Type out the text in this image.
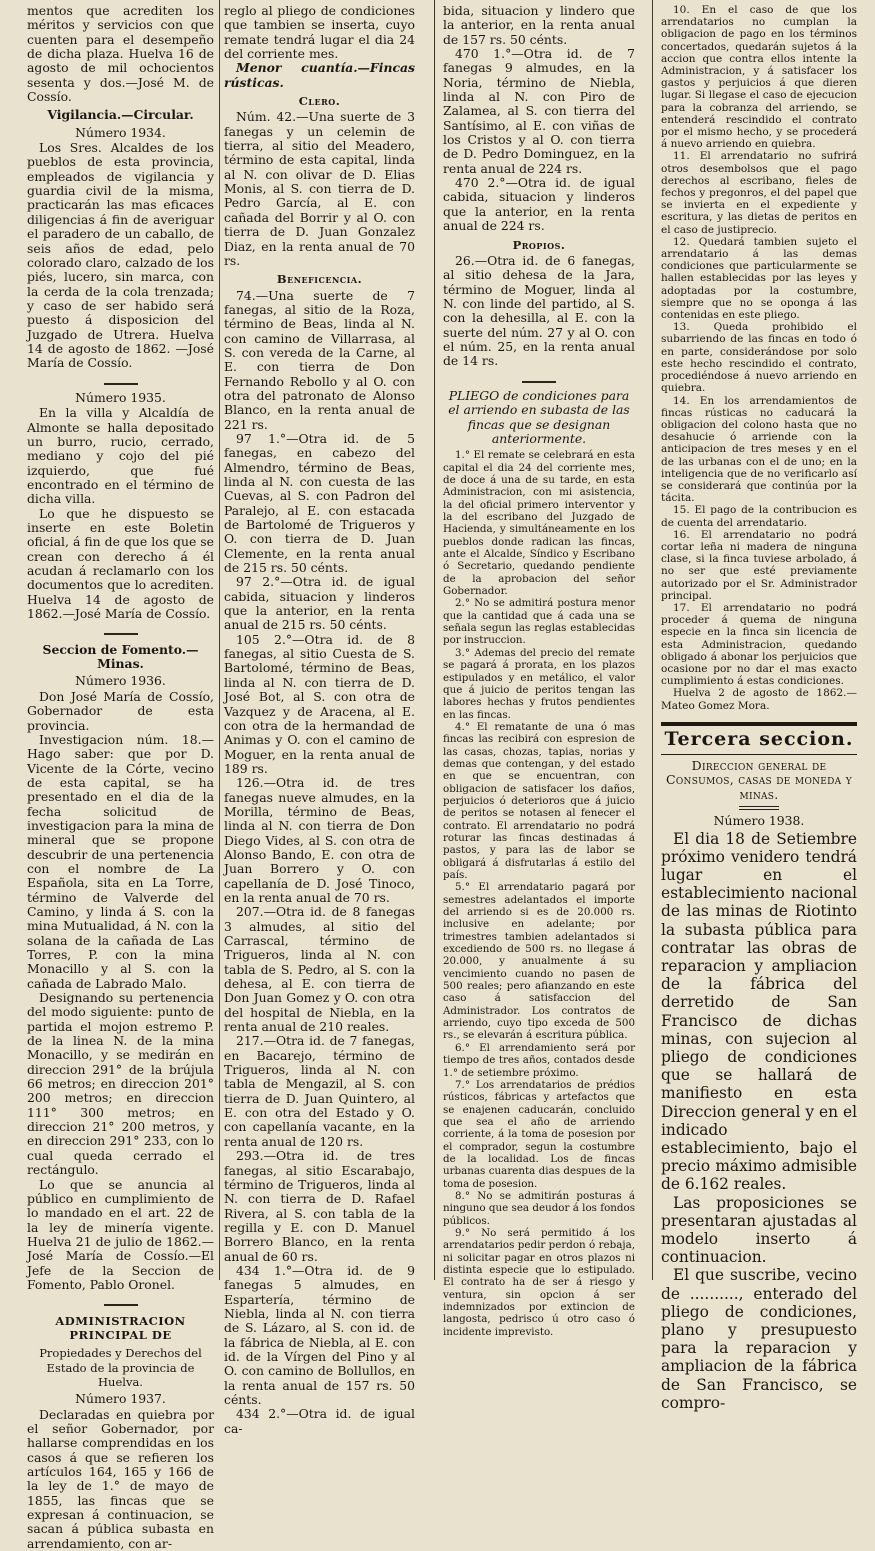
mentos que acrediten los méritos y servicios con que cuenten para el desempeño de dicha plaza. Huelva 16 de agosto de mil ochocientos sesenta y dos.—José M. de Cossío.

Vigilancia.—Circular.
Número 1934.

Los Sres. Alcaldes de los pueblos de esta provincia, empleados de vigilancia y guardia civil de la misma, practicarán las mas eficaces diligencias á fin de averiguar el paradero de un caballo, de seis años de edad, pelo colorado claro, calzado de los piés, lucero, sin marca, con la cerda de la cola trenzada; y caso de ser habido será puesto á disposicion del Juzgado de Utrera. Huelva 14 de agosto de 1862. —José María de Cossío.

Número 1935.

En la villa y Alcaldía de Almonte se halla depositado un burro, rucio, cerrado, mediano y cojo del pié izquierdo, que fué encontrado en el término de dicha villa.

Lo que he dispuesto se inserte en este Boletin oficial, á fin de que los que se crean con derecho á él acudan á reclamarlo con los documentos que lo acrediten. Huelva 14 de agosto de 1862.—José María de Cossío.

Seccion de Fomento.—Minas.
Número 1936.

Don José María de Cossío, Gobernador de esta provincia.

Investigacion núm. 18.—Hago saber: que por D. Vicente de la Córte, vecino de esta capital, se ha presentado en el dia de la fecha solicitud de investigacion para la mina de mineral que se propone descubrir de una pertenencia con el nombre de La Española, sita en La Torre, término de Valverde del Camino, y linda á S. con la mina Mutualidad, á N. con la solana de la cañada de Las Torres, P. con la mina Monacillo y al S. con la cañada de Labrado Malo.

Designando su pertenencia del modo siguiente: punto de partida el mojon estremo P. de la linea N. de la mina Monacillo, y se medirán en direccion 291° de la brújula 66 metros; en direccion 201° 200 metros; en direccion 111° 300 metros; en direccion 21° 200 metros, y en direccion 291° 233, con lo cual queda cerrado el rectángulo.

Lo que se anuncia al público en cumplimiento de lo mandado en el art. 22 de la ley de minería vigente. Huelva 21 de julio de 1862.— José María de Cossío.—El Jefe de la Seccion de Fomento, Pablo Oronel.

ADMINISTRACION PRINCIPAL DE
Propiedades y Derechos del Estado de la provincia de Huelva.
Número 1937.

Declaradas en quiebra por el señor Gobernador, por hallarse comprendidas en los casos á que se refieren los artículos 164, 165 y 166 de la ley de 1.° de mayo de 1855, las fincas que se expresan á continuacion, se sacan á pública subasta en arrendamiento, con ar-

reglo al pliego de condiciones que tambien se inserta, cuyo remate tendrá lugar el dia 24 del corriente mes.

Menor cuantía.—Fincas rústicas.

Clero.

Núm. 42.—Una suerte de 3 fanegas y un celemin de tierra, al sitio del Meadero, término de esta capital, linda al N. con olivar de D. Elias Monis, al S. con tierra de D. Pedro García, al E. con cañada del Borrir y al O. con tierra de D. Juan Gonzalez Diaz, en la renta anual de 70 rs.

Beneficencia.

74.—Una suerte de 7 fanegas, al sitio de la Roza, término de Beas, linda al N. con camino de Villarrasa, al S. con vereda de la Carne, al E. con tierra de Don Fernando Rebollo y al O. con otra del patronato de Alonso Blanco, en la renta anual de 221 rs.

97 1.°—Otra id. de 5 fanegas, en cabezo del Almendro, término de Beas, linda al N. con cuesta de las Cuevas, al S. con Padron del Paralejo, al E. con estacada de Bartolomé de Trigueros y O. con tierra de D. Juan Clemente, en la renta anual de 215 rs. 50 cénts.

97 2.°—Otra id. de igual cabida, situacion y linderos que la anterior, en la renta anual de 215 rs. 50 cénts.

105 2.°—Otra id. de 8 fanegas, al sitio Cuesta de S. Bartolomé, término de Beas, linda al N. con tierra de D. José Bot, al S. con otra de Vazquez y de Aracena, al E. con otra de la hermandad de Animas y O. con el camino de Moguer, en la renta anual de 189 rs.

126.—Otra id. de tres fanegas nueve almudes, en la Morilla, término de Beas, linda al N. con tierra de Don Diego Vides, al S. con otra de Alonso Bando, E. con otra de Juan Borrero y O. con capellanía de D. José Tinoco, en la renta anual de 70 rs.

207.—Otra id. de 8 fanegas 3 almudes, al sitio del Carrascal, término de Trigueros, linda al N. con tabla de S. Pedro, al S. con la dehesa, al E. con tierra de Don Juan Gomez y O. con otra del hospital de Niebla, en la renta anual de 210 reales.

217.—Otra id. de 7 fanegas, en Bacarejo, término de Trigueros, linda al N. con tabla de Mengazil, al S. con tierra de D. Juan Quintero, al E. con otra del Estado y O. con capellanía vacante, en la renta anual de 120 rs.

293.—Otra id. de tres fanegas, al sitio Escarabajo, término de Trigueros, linda al N. con tierra de D. Rafael Rivera, al S. con tabla de la regilla y E. con D. Manuel Borrero Blanco, en la renta anual de 60 rs.

434 1.°—Otra id. de 9 fanegas 5 almudes, en Espartería, término de Niebla, linda al N. con tierra de S. Lázaro, al S. con id. de la fábrica de Niebla, al E. con id. de la Vírgen del Pino y al O. con camino de Bollullos, en la renta anual de 157 rs. 50 cénts.

434 2.°—Otra id. de igual ca-

bida, situacion y lindero que la anterior, en la renta anual de 157 rs. 50 cénts.

470 1.°—Otra id. de 7 fanegas 9 almudes, en la Noria, término de Niebla, linda al N. con Piro de Zalamea, al S. con tierra del Santísimo, al E. con viñas de los Cristos y al O. con tierra de D. Pedro Dominguez, en la renta anual de 224 rs.

470 2.°—Otra id. de igual cabida, situacion y linderos que la anterior, en la renta anual de 224 rs.

Propios.

26.—Otra id. de 6 fanegas, al sitio dehesa de la Jara, término de Moguer, linda al N. con linde del partido, al S. con la dehesilla, al E. con la suerte del núm. 27 y al O. con el núm. 25, en la renta anual de 14 rs.

PLIEGO de condiciones para el arriendo en subasta de las fincas que se designan anteriormente.

1.° El remate se celebrará en esta capital el dia 24 del corriente mes, de doce á una de su tarde, en esta Administracion, con mi asistencia, la del oficial primero interventor y la del escribano del Juzgado de Hacienda, y simultáneamente en los pueblos donde radican las fincas, ante el Alcalde, Síndico y Escribano ó Secretario, quedando pendiente de la aprobacion del señor Gobernador.

2.° No se admitirá postura menor que la cantidad que á cada una se señala segun las reglas establecidas por instruccion.

3.° Ademas del precio del remate se pagará á prorata, en los plazos estipulados y en metálico, el valor que á juicio de peritos tengan las labores hechas y frutos pendientes en las fincas.

4.° El rematante de una ó mas fincas las recibirá con espresion de las casas, chozas, tapias, norias y demas que contengan, y del estado en que se encuentran, con obligacion de satisfacer los daños, perjuicios ó deterioros que á juicio de peritos se notasen al fenecer el contrato. El arrendatario no podrá roturar las fincas destinadas á pastos, y para las de labor se obligará á disfrutarlas á estilo del país.

5.° El arrendatario pagará por semestres adelantados el importe del arriendo si es de 20.000 rs. inclusive en adelante; por trimestres tambien adelantados si excediendo de 500 rs. no llegase á 20.000, y anualmente á su vencimiento cuando no pasen de 500 reales; pero afianzando en este caso á satisfaccion del Administrador. Los contratos de arriendo, cuyo tipo exceda de 500 rs., se elevarán á escritura pública.

6.° El arrendamiento será por tiempo de tres años, contados desde 1.° de setiembre próximo.

7.° Los arrendatarios de prédios rústicos, fábricas y artefactos que se enajenen caducarán, concluido que sea el año de arriendo corriente, á la toma de posesion por el comprador, segun la costumbre de la localidad. Los de fincas urbanas cuarenta dias despues de la toma de posesion.

8.° No se admitirán posturas á ninguno que sea deudor á los fondos públicos.

9.° No será permitido á los arrendatarios pedir perdon ó rebaja, ni solicitar pagar en otros plazos ni distinta especie que lo estipulado. El contrato ha de ser á riesgo y ventura, sin opcion á ser indemnizados por extincion de langosta, pedrisco ú otro caso ó incidente imprevisto.

10. En el caso de que los arrendatarios no cumplan la obligacion de pago en los términos concertados, quedarán sujetos á la accion que contra ellos intente la Administracion, y á satisfacer los gastos y perjuicios á que dieren lugar. Si llegase el caso de ejecucion para la cobranza del arriendo, se entenderá rescindido el contrato por el mismo hecho, y se procederá á nuevo arriendo en quiebra.

11. El arrendatario no sufrirá otros desembolsos que el pago derechos al escribano, fieles de fechos y pregonros, el del papel que se invierta en el expediente y escritura, y las dietas de peritos en el caso de justiprecio.

12. Quedará tambien sujeto el arrendatario á las demas condiciones que particularmente se hallen establecidas por las leyes y adoptadas por la costumbre, siempre que no se oponga á las contenidas en este pliego.

13. Queda prohibido el subarriendo de las fincas en todo ó en parte, considerándose por solo este hecho rescindido el contrato, procediéndose á nuevo arriendo en quiebra.

14. En los arrendamientos de fincas rústicas no caducará la obligacion del colono hasta que no desahucie ó arriende con la anticipacion de tres meses y en el de las urbanas con el de uno; en la inteligencia que de no verificarlo así se considerará que continúa por la tácita.

15. El pago de la contribucion es de cuenta del arrendatario.

16. El arrendatario no podrá cortar leña ni madera de ninguna clase, si la finca tuviese arbolado, á no ser que esté previamente autorizado por el Sr. Administrador principal.

17. El arrendatario no podrá proceder á quema de ninguna especie en la finca sin licencia de esta Administracion, quedando obligado á abonar los perjuicios que ocasione por no dar el mas exacto cumplimiento á estas condiciones.

Huelva 2 de agosto de 1862.—Mateo Gomez Mora.

Tercera seccion.
Direccion general de Consumos, casas de moneda y minas.
Número 1938.

El dia 18 de Setiembre próximo venidero tendrá lugar en el establecimiento nacional de las minas de Riotinto la subasta pública para contratar las obras de reparacion y ampliacion de la fábrica del derretido de San Francisco de dichas minas, con sujecion al pliego de condiciones que se hallará de manifiesto en esta Direccion general y en el indicado establecimiento, bajo el precio máximo admisible de 6.162 reales.

Las proposiciones se presentaran ajustadas al modelo inserto á continuacion.

El que suscribe, vecino de .........., enterado del pliego de condiciones, plano y presupuesto para la reparacion y ampliacion de la fábrica de San Francisco, se compro-
